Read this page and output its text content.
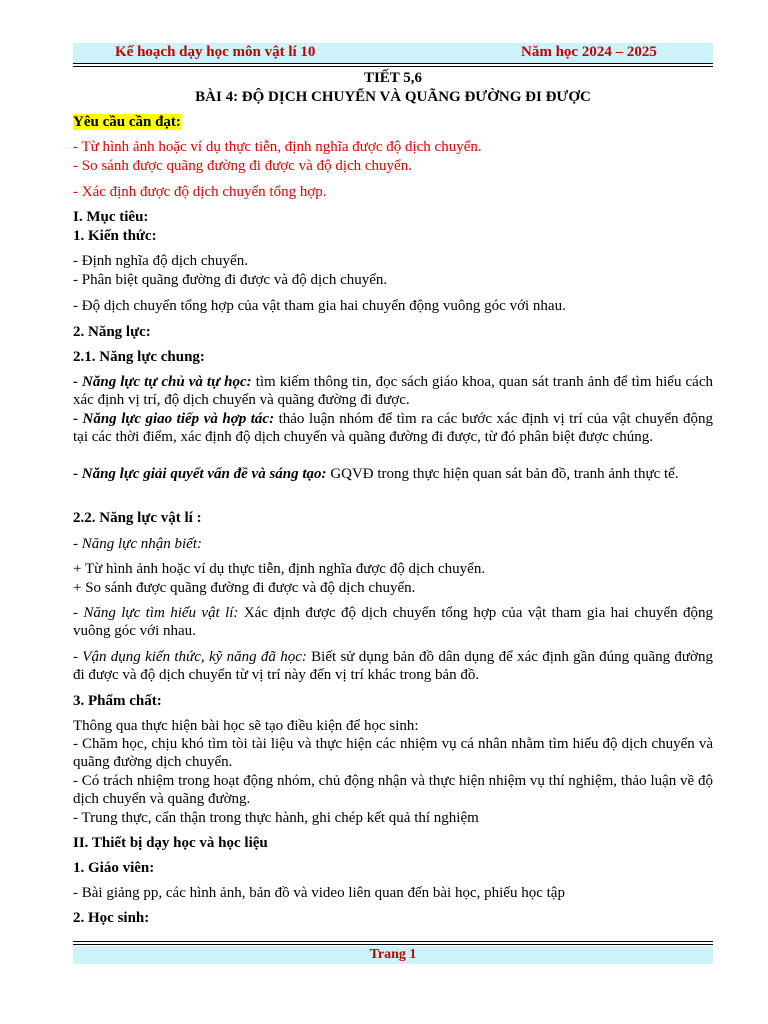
Kế hoạch dạy học môn vật lí 10	Năm học 2024 – 2025
TIẾT 5,6
BÀI 4: ĐỘ DỊCH CHUYỂN VÀ QUÃNG ĐƯỜNG ĐI ĐƯỢC
Yêu cầu cần đạt:
- Từ hình ảnh hoặc ví dụ thực tiễn, định nghĩa được độ dịch chuyển.
- So sánh được quãng đường đi được và độ dịch chuyển.
- Xác định được độ dịch chuyển tổng hợp.
I. Mục tiêu:
1. Kiến thức:
- Định nghĩa độ dịch chuyển.
- Phân biệt quãng đường đi được và độ dịch chuyển.
- Độ dịch chuyển tổng hợp của vật tham gia hai chuyển động vuông góc với nhau.
2. Năng lực:
2.1. Năng lực chung:
- Năng lực tự chủ và tự học: tìm kiếm thông tin, đọc sách giáo khoa, quan sát tranh ảnh để tìm hiểu cách xác định vị trí, độ dịch chuyển và quãng đường đi được.
- Năng lực giao tiếp và hợp tác: thảo luận nhóm để tìm ra các bước xác định vị trí của vật chuyển động tại các thời điểm, xác định độ dịch chuyển và quãng đường đi được, từ đó phân biệt được chúng.
- Năng lực giải quyết vấn đề và sáng tạo: GQVĐ trong thực hiện quan sát bản đồ, tranh ảnh thực tế.
2.2. Năng lực vật lí :
- Năng lực nhận biết:
+ Từ hình ảnh hoặc ví dụ thực tiễn, định nghĩa được độ dịch chuyển.
+ So sánh được quãng đường đi được và độ dịch chuyển.
- Năng lực tìm hiểu vật lí: Xác định được độ dịch chuyển tổng hợp của vật tham gia hai chuyển động vuông góc với nhau.
- Vận dụng kiến thức, kỹ năng đã học: Biết sử dụng bản đồ dân dụng để xác định gần đúng quãng đường đi được và độ dịch chuyển từ vị trí này đến vị trí khác trong bản đồ.
3. Phẩm chất:
Thông qua thực hiện bài học sẽ tạo điều kiện để học sinh:
- Chăm học, chịu khó tìm tòi tài liệu và thực hiện các nhiệm vụ cá nhân nhằm tìm hiểu độ dịch chuyển và quãng đường dịch chuyển.
- Có trách nhiệm trong hoạt động nhóm, chủ động nhận và thực hiện nhiệm vụ thí nghiệm, thảo luận về độ dịch chuyển và quãng đường.
- Trung thực, cẩn thận trong thực hành, ghi chép kết quả thí nghiệm
II. Thiết bị dạy học và học liệu
1. Giáo viên:
- Bài giảng pp, các hình ảnh, bản đồ và video liên quan đến bài học, phiếu học tập
2. Học sinh:
Trang 1
